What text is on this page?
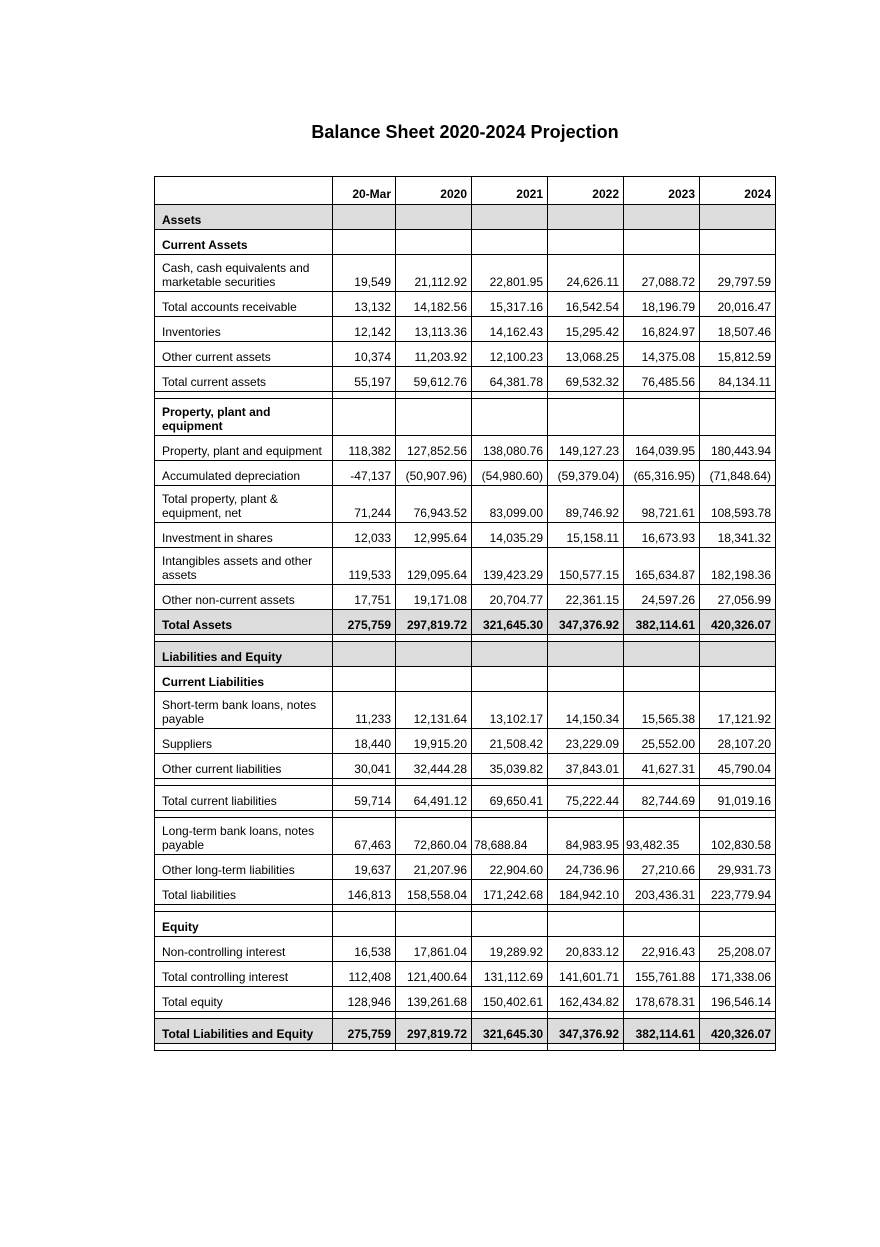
Balance Sheet 2020-2024 Projection
	20-Mar	2020	2021	2022	2023	2024
Assets						
Current Assets						
Cash, cash equivalents and marketable securities	19,549	21,112.92	22,801.95	24,626.11	27,088.72	29,797.59
Total accounts receivable	13,132	14,182.56	15,317.16	16,542.54	18,196.79	20,016.47
Inventories	12,142	13,113.36	14,162.43	15,295.42	16,824.97	18,507.46
Other current assets	10,374	11,203.92	12,100.23	13,068.25	14,375.08	15,812.59
Total current assets	55,197	59,612.76	64,381.78	69,532.32	76,485.56	84,134.11

Property, plant and equipment						
Property, plant and equipment	118,382	127,852.56	138,080.76	149,127.23	164,039.95	180,443.94
Accumulated depreciation	-47,137	(50,907.96)	(54,980.60)	(59,379.04)	(65,316.95)	(71,848.64)
Total property, plant & equipment, net	71,244	76,943.52	83,099.00	89,746.92	98,721.61	108,593.78
Investment in shares	12,033	12,995.64	14,035.29	15,158.11	16,673.93	18,341.32
Intangibles assets and other assets	119,533	129,095.64	139,423.29	150,577.15	165,634.87	182,198.36
Other non-current assets	17,751	19,171.08	20,704.77	22,361.15	24,597.26	27,056.99
Total Assets	275,759	297,819.72	321,645.30	347,376.92	382,114.61	420,326.07

Liabilities and Equity						
Current Liabilities						
Short-term bank loans, notes payable	11,233	12,131.64	13,102.17	14,150.34	15,565.38	17,121.92
Suppliers	18,440	19,915.20	21,508.42	23,229.09	25,552.00	28,107.20
Other current liabilities	30,041	32,444.28	35,039.82	37,843.01	41,627.31	45,790.04

Total current liabilities	59,714	64,491.12	69,650.41	75,222.44	82,744.69	91,019.16

Long-term bank loans, notes payable	67,463	72,860.04	78,688.84	84,983.95	93,482.35	102,830.58
Other long-term liabilities	19,637	21,207.96	22,904.60	24,736.96	27,210.66	29,931.73
Total liabilities	146,813	158,558.04	171,242.68	184,942.10	203,436.31	223,779.94

Equity						
Non-controlling interest	16,538	17,861.04	19,289.92	20,833.12	22,916.43	25,208.07
Total controlling interest	112,408	121,400.64	131,112.69	141,601.71	155,761.88	171,338.06
Total equity	128,946	139,261.68	150,402.61	162,434.82	178,678.31	196,546.14

Total Liabilities and Equity	275,759	297,819.72	321,645.30	347,376.92	382,114.61	420,326.07
